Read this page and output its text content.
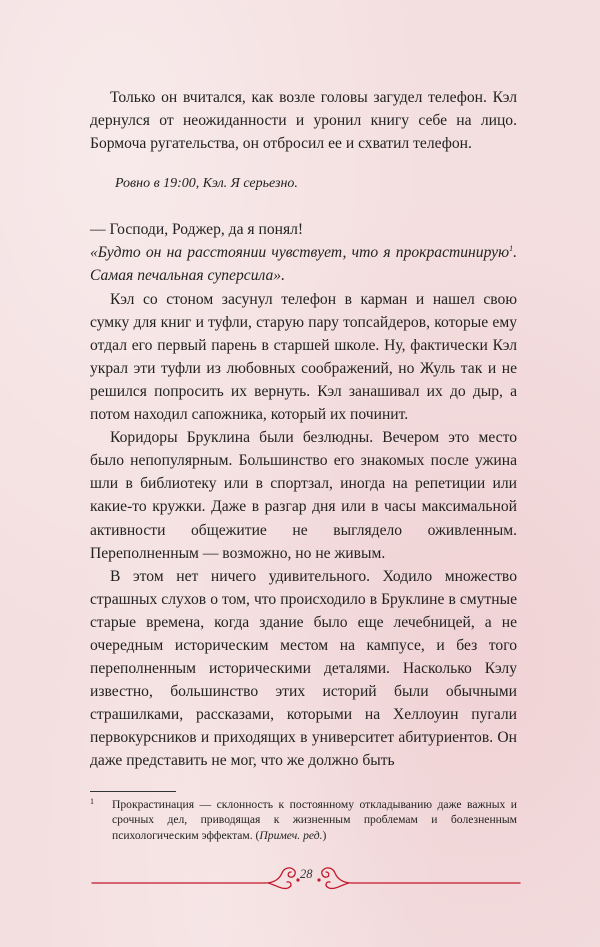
Только он вчитался, как возле головы загудел телефон. Кэл дернулся от неожиданности и уронил книгу себе на лицо. Бормоча ругательства, он отбросил ее и схватил телефон.

Ровно в 19:00, Кэл. Я серьезно.

— Господи, Роджер, да я понял!

«Будто он на расстоянии чувствует, что я прокрастинирую$^1$. Самая печальная суперсила».

Кэл со стоном засунул телефон в карман и нашел свою сумку для книг и туфли, старую пару топсайдеров, которые ему отдал его первый парень в старшей школе. Ну, фактически Кэл украл эти туфли из любовных соображений, но Жуль так и не решился попросить их вернуть. Кэл занашивал их до дыр, а потом находил сапожника, который их починит.

Коридоры Бруклина были безлюдны. Вечером это место было непопулярным. Большинство его знакомых после ужина шли в библиотеку или в спортзал, иногда на репетиции или какие-то кружки. Даже в разгар дня или в часы максимальной активности общежитие не выглядело оживленным. Переполненным — возможно, но не живым.

В этом нет ничего удивительного. Ходило множество страшных слухов о том, что происходило в Бруклине в смутные старые времена, когда здание было еще лечебницей, а не очередным историческим местом на кампусе, и без того переполненным историческими деталями. Насколько Кэлу известно, большинство этих историй были обычными страшилками, рассказами, которыми на Хеллоуин пугали первокурсников и приходящих в университет абитуриентов. Он даже представить не мог, что же должно быть

1	Прокрастинация — склонность к постоянному откладыванию даже важных и срочных дел, приводящая к жизненным проблемам и болезненным психологическим эффектам. (Примеч. ред.)
28
